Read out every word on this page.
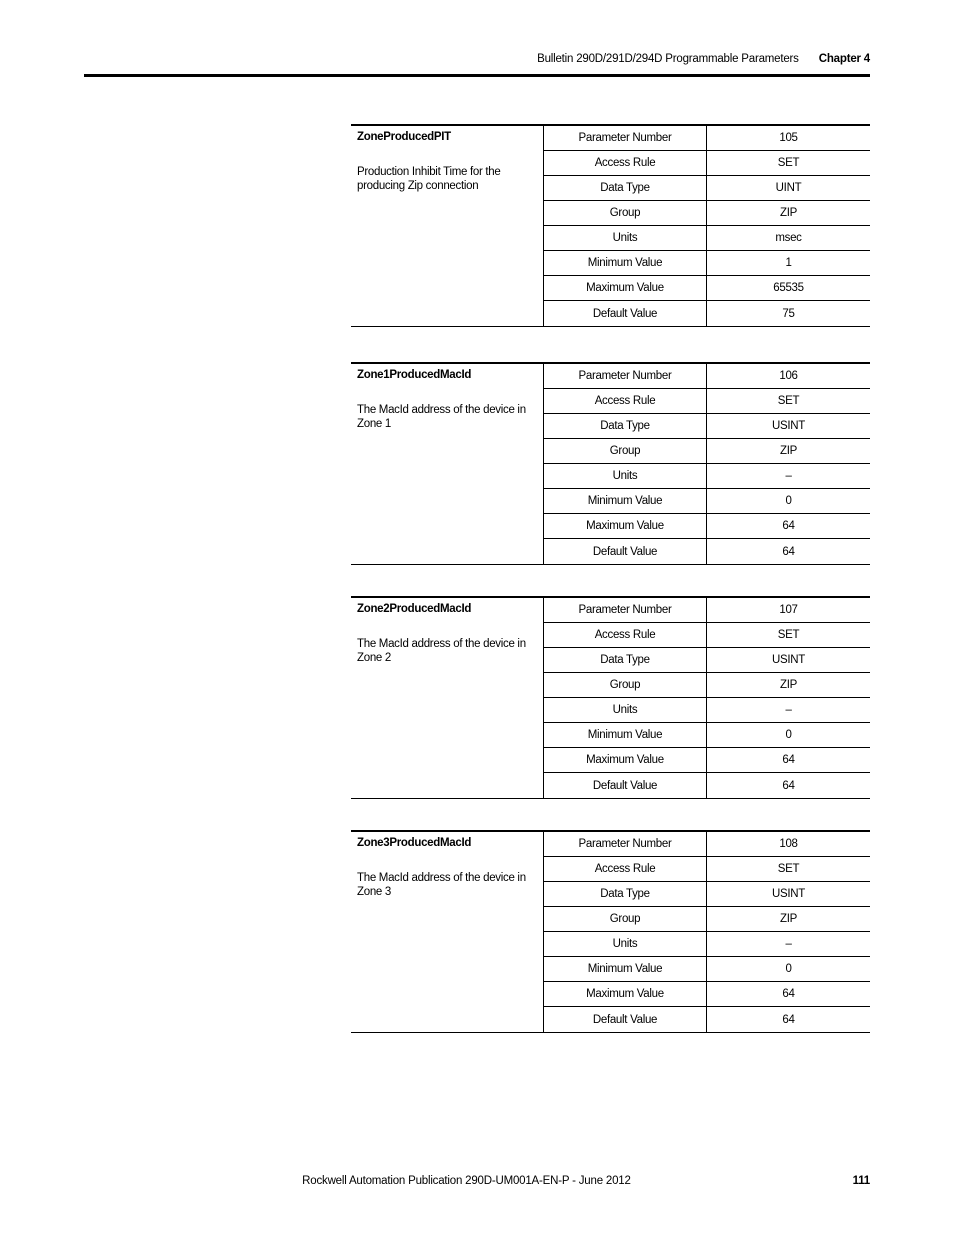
Bulletin 290D/291D/294D Programmable Parameters Chapter 4
ZoneProducedPIT
Production Inhibit Time for the producing Zip connection
Parameter Number	105
Access Rule	SET
Data Type	UINT
Group	ZIP
Units	msec
Minimum Value	1
Maximum Value	65535
Default Value	75
Zone1ProducedMacId
The MacId address of the device in Zone 1
Parameter Number	106
Access Rule	SET
Data Type	USINT
Group	ZIP
Units	–
Minimum Value	0
Maximum Value	64
Default Value	64
Zone2ProducedMacId
The MacId address of the device in Zone 2
Parameter Number	107
Access Rule	SET
Data Type	USINT
Group	ZIP
Units	–
Minimum Value	0
Maximum Value	64
Default Value	64
Zone3ProducedMacId
The MacId address of the device in Zone 3
Parameter Number	108
Access Rule	SET
Data Type	USINT
Group	ZIP
Units	–
Minimum Value	0
Maximum Value	64
Default Value	64
Rockwell Automation Publication 290D-UM001A-EN-P - June 2012	111
